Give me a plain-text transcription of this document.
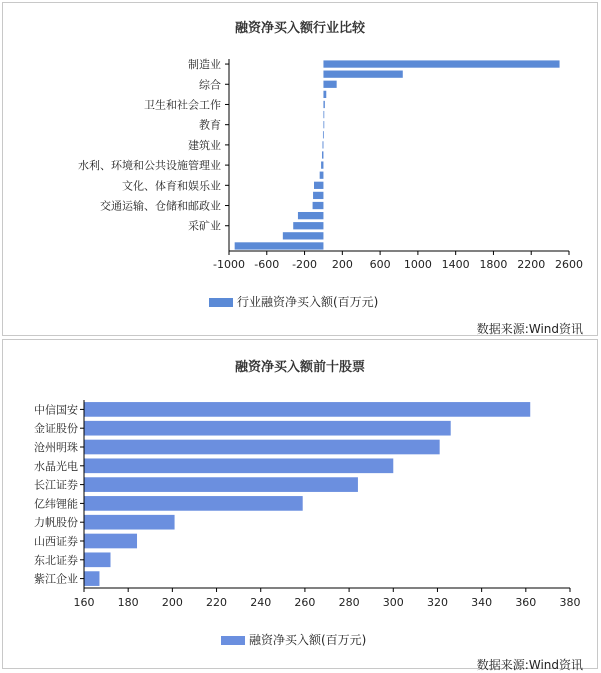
融资净买入额行业比较
制造业
综合
卫生和社会工作
教育
建筑业
水利、环境和公共设施管理业
文化、体育和娱乐业
交通运输、仓储和邮政业
采矿业
-1000 -600 -200 200 600 1000 1400 1800 2200 2600
行业融资净买入额(百万元)
数据来源:Wind资讯
融资净买入额前十股票
中信国安
金证股份
沧州明珠
水晶光电
长江证券
亿纬锂能
力帆股份
山西证券
东北证券
紫江企业
160 180 200 220 240 260 280 300 320 340 360 380
融资净买入额(百万元)
数据来源:Wind资讯
